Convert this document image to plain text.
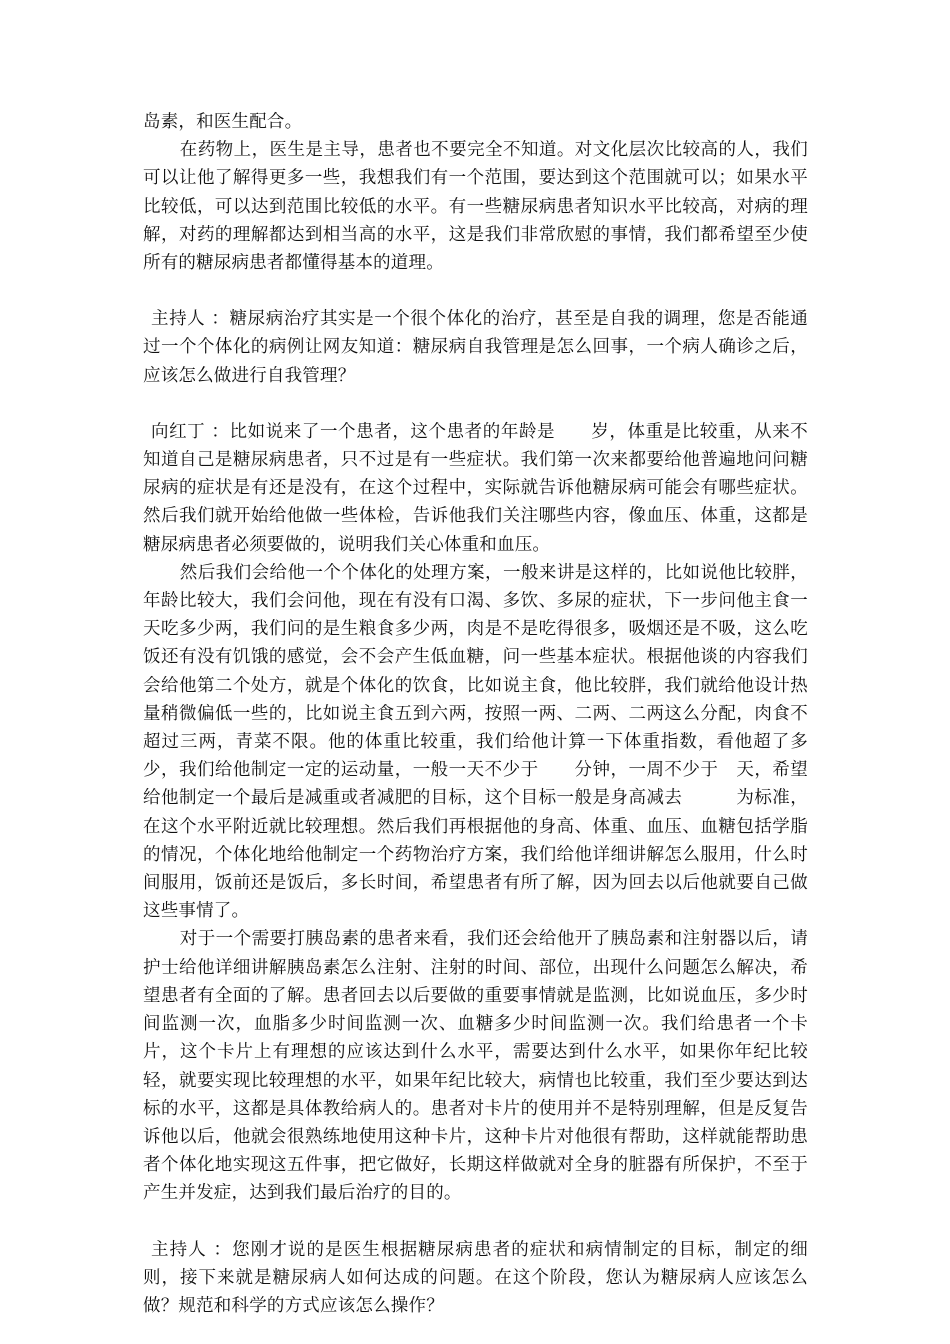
岛素，和医生配合。

在药物上，医生是主导，患者也不要完全不知道。对文化层次比较高的人，我们可以让他了解得更多一些，我想我们有一个范围，要达到这个范围就可以；如果水平比较低，可以达到范围比较低的水平。有一些糖尿病患者知识水平比较高，对病的理解，对药的理解都达到相当高的水平，这是我们非常欣慰的事情，我们都希望至少使所有的糖尿病患者都懂得基本的道理。

主持人 ：糖尿病治疗其实是一个很个体化的治疗，甚至是自我的调理，您是否能通过一个个体化的病例让网友知道：糖尿病自我管理是怎么回事，一个病人确诊之后，应该怎么做进行自我管理？

向红丁 ：比如说来了一个患者，这个患者的年龄是　　岁，体重是比较重，从来不知道自己是糖尿病患者，只不过是有一些症状。我们第一次来都要给他普遍地问问糖尿病的症状是有还是没有，在这个过程中，实际就告诉他糖尿病可能会有哪些症状。然后我们就开始给他做一些体检，告诉他我们关注哪些内容，像血压、体重，这都是糖尿病患者必须要做的，说明我们关心体重和血压。

然后我们会给他一个个体化的处理方案，一般来讲是这样的，比如说他比较胖，年龄比较大，我们会问他，现在有没有口渴、多饮、多尿的症状，下一步问他主食一天吃多少两，我们问的是生粮食多少两，肉是不是吃得很多，吸烟还是不吸，这么吃饭还有没有饥饿的感觉，会不会产生低血糖，问一些基本症状。根据他谈的内容我们会给他第二个处方，就是个体化的饮食，比如说主食，他比较胖，我们就给他设计热量稍微偏低一些的，比如说主食五到六两，按照一两、二两、二两这么分配，肉食不超过三两，青菜不限。他的体重比较重，我们给他计算一下体重指数，看他超了多少，我们给他制定一定的运动量，一般一天不少于　　分钟，一周不少于　天，希望给他制定一个最后是减重或者减肥的目标，这个目标一般是身高减去　　　为标准，在这个水平附近就比较理想。然后我们再根据他的身高、体重、血压、血糖包括学脂的情况，个体化地给他制定一个药物治疗方案，我们给他详细讲解怎么服用，什么时间服用，饭前还是饭后，多长时间，希望患者有所了解，因为回去以后他就要自己做这些事情了。

对于一个需要打胰岛素的患者来看，我们还会给他开了胰岛素和注射器以后，请护士给他详细讲解胰岛素怎么注射、注射的时间、部位，出现什么问题怎么解决，希望患者有全面的了解。患者回去以后要做的重要事情就是监测，比如说血压，多少时间监测一次，血脂多少时间监测一次、血糖多少时间监测一次。我们给患者一个卡片，这个卡片上有理想的应该达到什么水平，需要达到什么水平，如果你年纪比较轻，就要实现比较理想的水平，如果年纪比较大，病情也比较重，我们至少要达到达标的水平，这都是具体教给病人的。患者对卡片的使用并不是特别理解，但是反复告诉他以后，他就会很熟练地使用这种卡片，这种卡片对他很有帮助，这样就能帮助患者个体化地实现这五件事，把它做好，长期这样做就对全身的脏器有所保护，不至于产生并发症，达到我们最后治疗的目的。

主持人 ：您刚才说的是医生根据糖尿病患者的症状和病情制定的目标，制定的细则，接下来就是糖尿病人如何达成的问题。在这个阶段，您认为糖尿病人应该怎么做？规范和科学的方式应该怎么操作？
